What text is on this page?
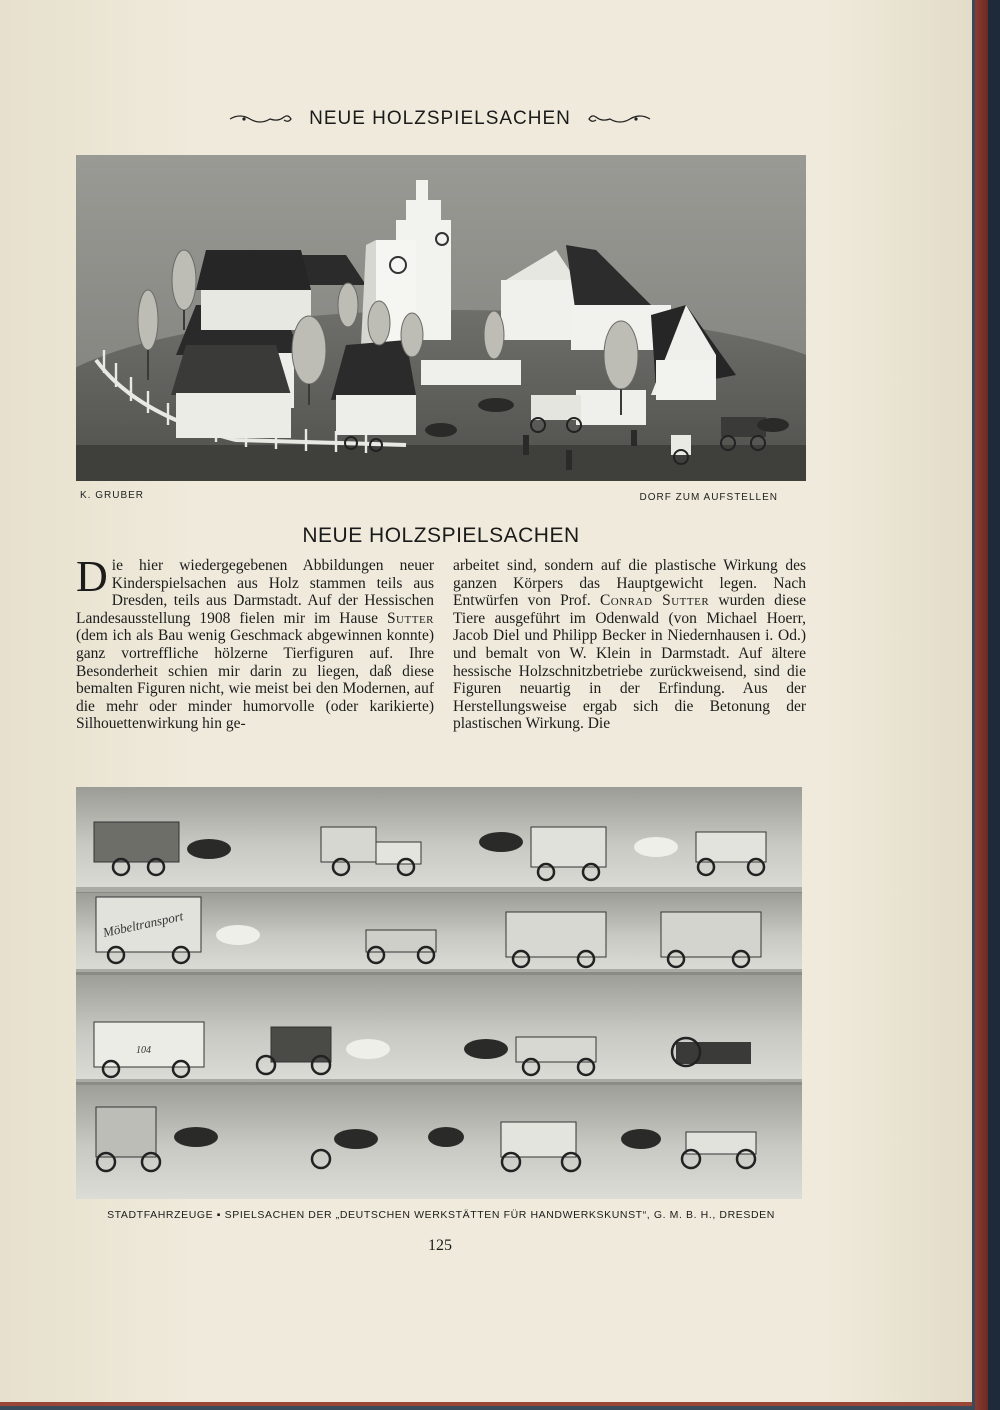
NEUE HOLZSPIELSACHEN
K. GRUBER	DORF ZUM AUFSTELLEN
NEUE HOLZSPIELSACHEN

Die hier wiedergegebenen Abbildungen neuer Kinderspielsachen aus Holz stammen teils aus Dresden, teils aus Darmstadt. Auf der Hessischen Landesausstellung 1908 fielen mir im Hause Sutter (dem ich als Bau wenig Geschmack abgewinnen konnte) ganz vortreffliche hölzerne Tierfiguren auf. Ihre Besonderheit schien mir darin zu liegen, daß diese bemalten Figuren nicht, wie meist bei den Modernen, auf die mehr oder minder humorvolle (oder karikierte) Silhouettenwirkung hin ge-

arbeitet sind, sondern auf die plastische Wirkung des ganzen Körpers das Hauptgewicht legen. Nach Entwürfen von Prof. Conrad Sutter wurden diese Tiere ausgeführt im Odenwald (von Michael Hoerr, Jacob Diel und Philipp Becker in Niedernhausen i. Od.) und bemalt von W. Klein in Darmstadt. Auf ältere hessische Holzschnitzbetriebe zurückweisend, sind die Figuren neuartig in der Erfindung. Aus der Herstellungsweise ergab sich die Betonung der plastischen Wirkung. Die

Möbeltransport
104
STADTFAHRZEUGE ▪ SPIELSACHEN DER „DEUTSCHEN WERKSTÄTTEN FÜR HANDWERKSKUNST“, G. M. B. H., DRESDEN
125
